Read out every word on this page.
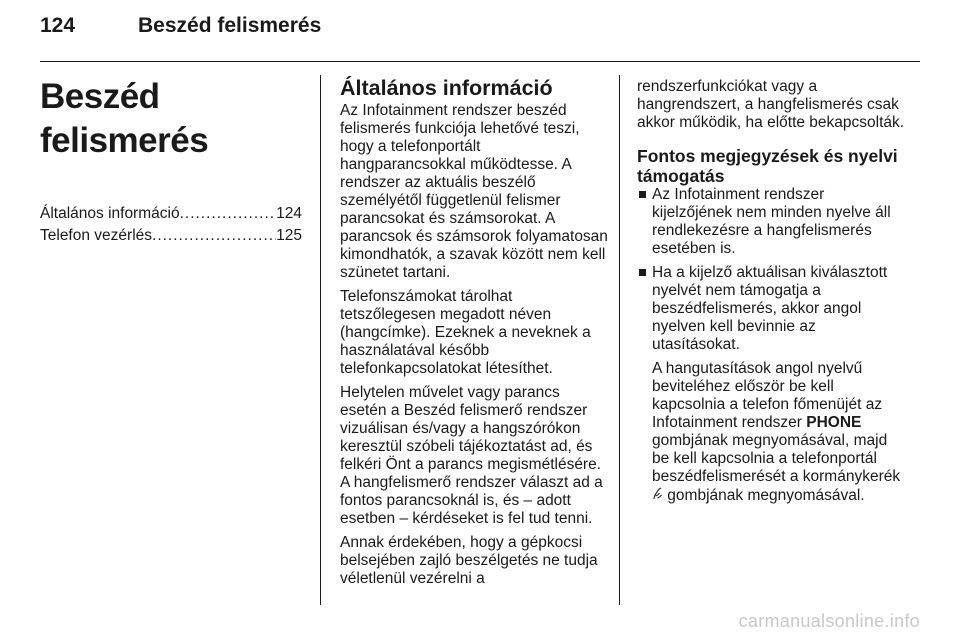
124	Beszéd felismerés
Beszéd felismerés
Általános információ .....	124
Telefon vezérlés .....	125
Általános információ

Az Infotainment rendszer beszéd felismerés funkciója lehetővé teszi, hogy a telefonportált hangparancsokkal működtesse. A rendszer az aktuális beszélő személyétől függetlenül felismer parancsokat és számsorokat. A parancsok és számsorok folyamatosan kimondhatók, a szavak között nem kell szünetet tartani.

Telefonszámokat tárolhat tetszőlegesen megadott néven (hangcímke). Ezeknek a neveknek a használatával később telefonkapcsolatokat létesíthet.

Helytelen művelet vagy parancs esetén a Beszéd felismerő rendszer vizuálisan és/vagy a hangszórókon keresztül szóbeli tájékoztatást ad, és felkéri Önt a parancs megismétlésére. A hangfelismerő rendszer választ ad a fontos parancsoknál is, és – adott esetben – kérdéseket is fel tud tenni.

Annak érdekében, hogy a gépkocsi belsejében zajló beszélgetés ne tudja véletlenül vezérelni a

rendszerfunkciókat vagy a hangrendszert, a hangfelismerés csak akkor működik, ha előtte bekapcsolták.

Fontos megjegyzések és nyelvi támogatás

Az Infotainment rendszer kijelzőjének nem minden nyelve áll rendlekezésre a hangfelismerés esetében is.

Ha a kijelző aktuálisan kiválasztott nyelvét nem támogatja a beszédfelismerés, akkor angol nyelven kell bevinnie az utasításokat.

A hangutasítások angol nyelvű beviteléhez először be kell kapcsolnia a telefon főmenüjét az Infotainment rendszer PHONE gombjának megnyomásával, majd be kell kapcsolnia a telefonportál beszédfelismerését a kormánykerék  gombjának megnyomásával.

carmanualsonline.info
